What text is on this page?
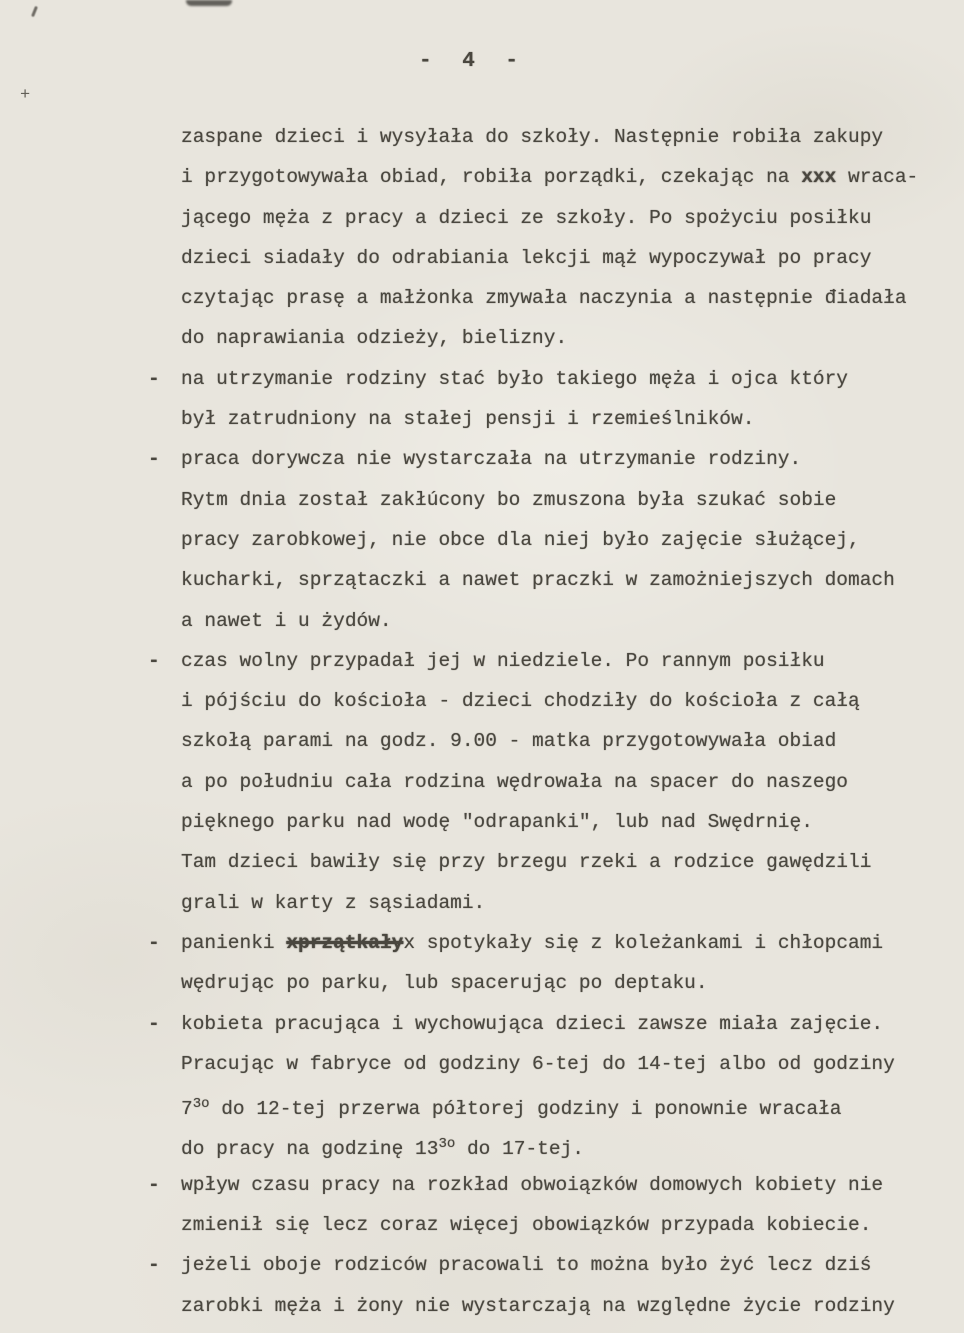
+
- 4 -
zaspane dzieci i wysyłała do szkoły. Następnie robiła zakupy
i przygotowywała obiad, robiła porządki, czekając na xxx wraca-
jącego męża z pracy a dzieci ze szkoły. Po spożyciu posiłku
dzieci siadały do odrabiania lekcji mąż wypoczywał po pracy
czytając prasę a małżonka zmywała naczynia a następnie điadała
do naprawiania odzieży, bielizny.
- na utrzymanie rodziny stać było takiego męża i ojca który
był zatrudniony na stałej pensji i rzemieślników.
- praca dorywcza nie wystarczała na utrzymanie rodziny.
Rytm dnia został zakłúcony bo zmuszona była szukać sobie
pracy zarobkowej, nie obce dla niej było zajęcie służącej,
kucharki, sprzątaczki a nawet praczki w zamożniejszych domach
a nawet i u żydów.
- czas wolny przypadał jej w niedziele. Po rannym posiłku
i pójściu do kościoła - dzieci chodziły do kościoła z całą
szkołą parami na godz. 9.00 - matka przygotowywała obiad
a po południu cała rodzina wędrowała na spacer do naszego
pięknego parku nad wodę "odrapanki", lub nad Swędrnię.
Tam dzieci bawiły się przy brzegu rzeki a rodzice gawędzili
grali w karty z sąsiadami.
- panienki xprzątkałyx spotykały się z koleżankami i chłopcami
wędrując po parku, lub spacerując po deptaku.
- kobieta pracująca i wychowująca dzieci zawsze miała zajęcie.
Pracując w fabryce od godziny 6-tej do 14-tej albo od godziny
$7^{3o}$ do 12-tej przerwa półtorej godziny i ponownie wracała
do pracy na godzinę $13^{3o}$ do 17-tej.
- wpływ czasu pracy na rozkład obwoiązków domowych kobiety nie
zmienił się lecz coraz więcej obowiązków przypada kobiecie.
- jeżeli oboje rodziców pracowali to można było żyć lecz dziś
zarobki męża i żony nie wystarczają na względne życie rodziny
